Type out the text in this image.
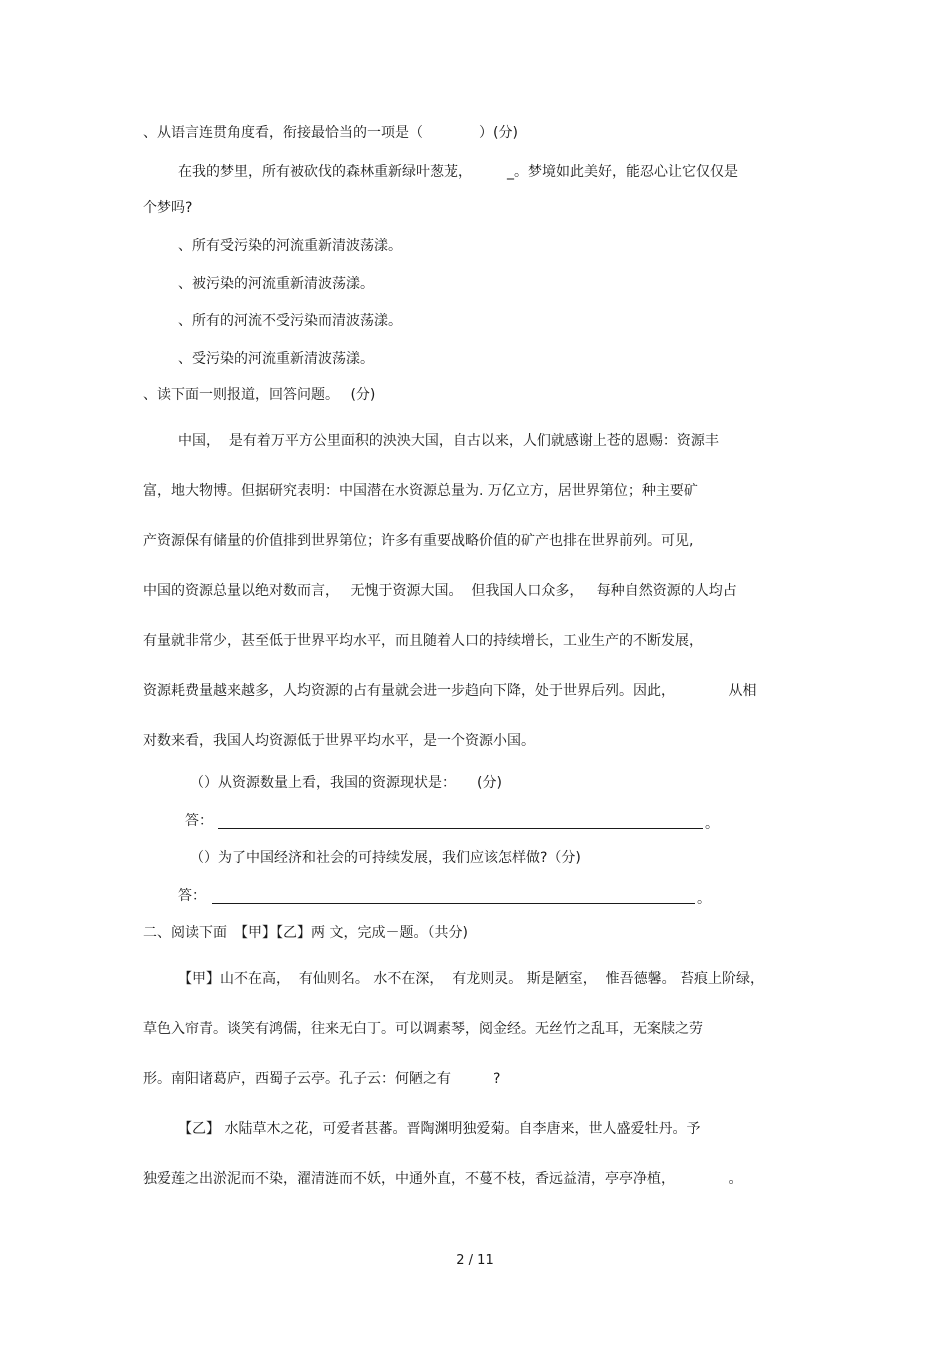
、从语言连贯角度看，衔接最恰当的一项是（　　　　）(分)
在我的梦里，所有被砍伐的森林重新绿叶葱茏，　　　_。梦境如此美好，能忍心让它仅仅是
个梦吗?
、所有受污染的河流重新清波荡漾。
、被污染的河流重新清波荡漾。
、所有的河流不受污染而清波荡漾。
、受污染的河流重新清波荡漾。
、读下面一则报道，回答问题。　 (分)
中国，  是有着万平方公里面积的泱泱大国，自古以来，人们就感谢上苍的恩赐：资源丰
富，地大物博。但据研究表明：中国潜在水资源总量为. 万亿立方，居世界第位；种主要矿
产资源保有储量的价值排到世界第位；许多有重要战略价值的矿产也排在世界前列。可见,
中国的资源总量以绝对数而言，　 无愧于资源大国。  但我国人口众多，   每种自然资源的人均占
有量就非常少，甚至低于世界平均水平，而且随着人口的持续增长，工业生产的不断发展，
资源耗费量越来越多，人均资源的占有量就会进一步趋向下降，处于世界后列。因此，　　　　 从相
对数来看，我国人均资源低于世界平均水平，是一个资源小国。
（）从资源数量上看，我国的资源现状是：　　(分)
答：	。
（）为了中国经济和社会的可持续发展，我们应该怎样做?（分)
答：	。
二、阅读下面　【甲】【乙】两 文，完成－题。（共分)
【甲】山不在高，  有仙则名。 水不在深，  有龙则灵。 斯是陋室，  惟吾德馨。 苔痕上阶绿，
草色入帘青。谈笑有鸿儒，往来无白丁。可以调素琴，阅金经。无丝竹之乱耳，无案牍之劳
形。南阳诸葛庐，西蜀子云亭。孔子云：何陋之有　　　?
【乙】 水陆草木之花，可爱者甚蕃。晋陶渊明独爱菊。自李唐来，世人盛爱牡丹。予
独爱莲之出淤泥而不染，濯清涟而不妖，中通外直，不蔓不枝，香远益清，亭亭净植，　　　　 。
2 / 11
